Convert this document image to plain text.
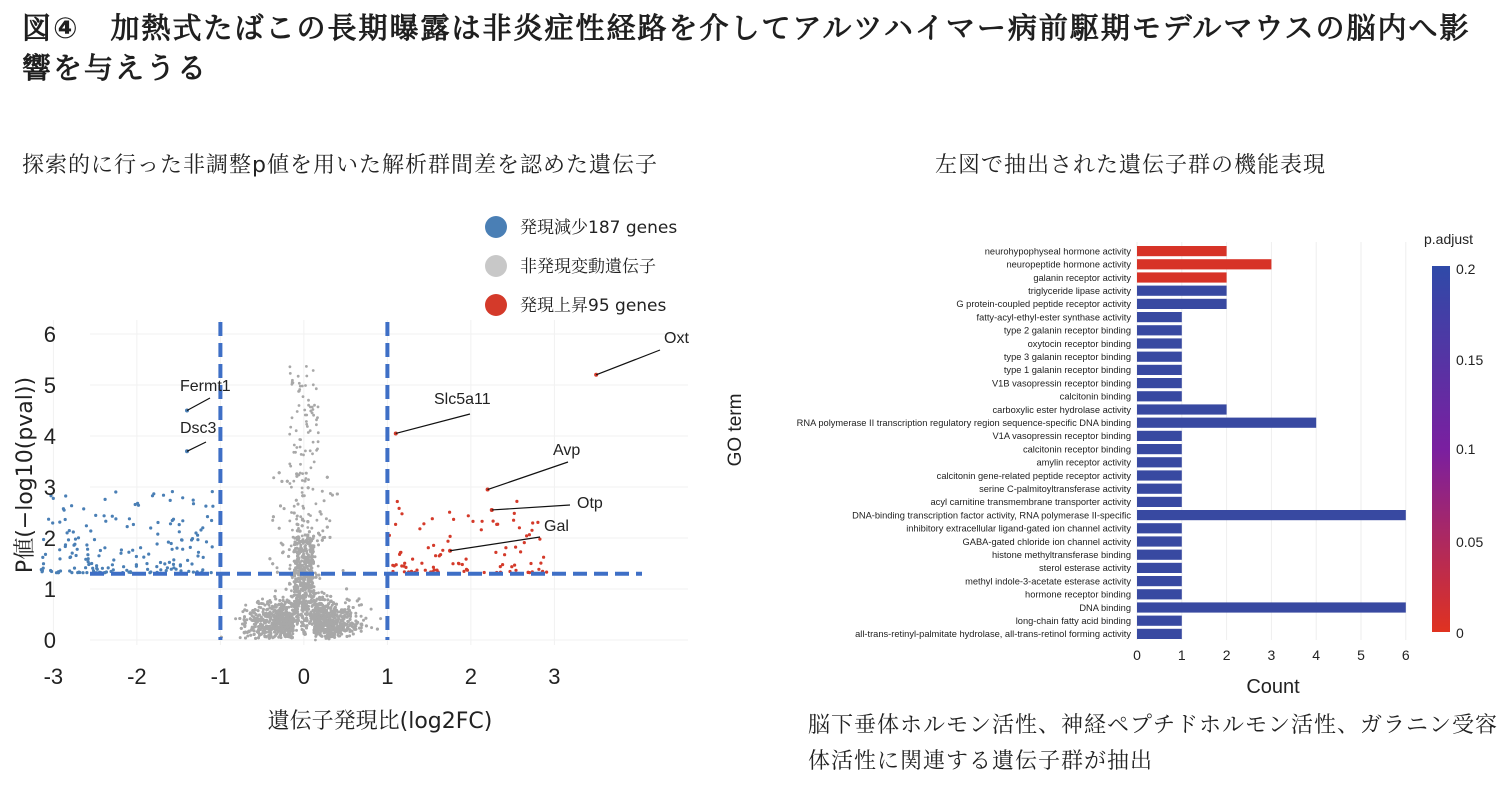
図④　加熱式たばこの長期曝露は非炎症性経路を介してアルツハイマー病前駆期モデルマウスの脳内へ影響を与えうる
探索的に行った非調整p値を用いた解析群間差を認めた遺伝子	左図で抽出された遺伝子群の機能表現
-3	-2	-1	0	1	2	3
0
1
2
3
4
5
6	Oxt
Fermt1
Dsc3
Slc5a11
Avp
Otp
Gal
neurohypophyseal hormone activity
neuropeptide hormone activity
galanin receptor activity
triglyceride lipase activity
G protein-coupled peptide receptor activity
fatty-acyl-ethyl-ester synthase activity
type 2 galanin receptor binding
oxytocin receptor binding
type 3 galanin receptor binding
type 1 galanin receptor binding
V1B vasopressin receptor binding
calcitonin binding
carboxylic ester hydrolase activity
RNA polymerase II transcription regulatory region sequence-specific DNA binding
V1A vasopressin receptor binding
calcitonin receptor binding
amylin receptor activity
calcitonin gene-related peptide receptor activity
serine C-palmitoyltransferase activity
acyl carnitine transmembrane transporter activity
DNA-binding transcription factor activity, RNA polymerase II-specific
inhibitory extracellular ligand-gated ion channel activity
GABA-gated chloride ion channel activity
histone methyltransferase binding
sterol esterase activity
methyl indole-3-acetate esterase activity
hormone receptor binding
DNA binding
long-chain fatty acid binding
all-trans-retinyl-palmitate hydrolase, all-trans-retinol forming activity
0	1	2	3	4	5	6
発現減少187 genes
非発現変動遺伝子
発現上昇95 genes
遺伝子発現比(log2FC)
P値(−log10(pval))
Count
GO term
p.adjust
0.2
0.15
0.1
0.05
0
脳下垂体ホルモン活性、神経ペプチドホルモン活性、ガラニン受容体活性に関連する遺伝子群が抽出
